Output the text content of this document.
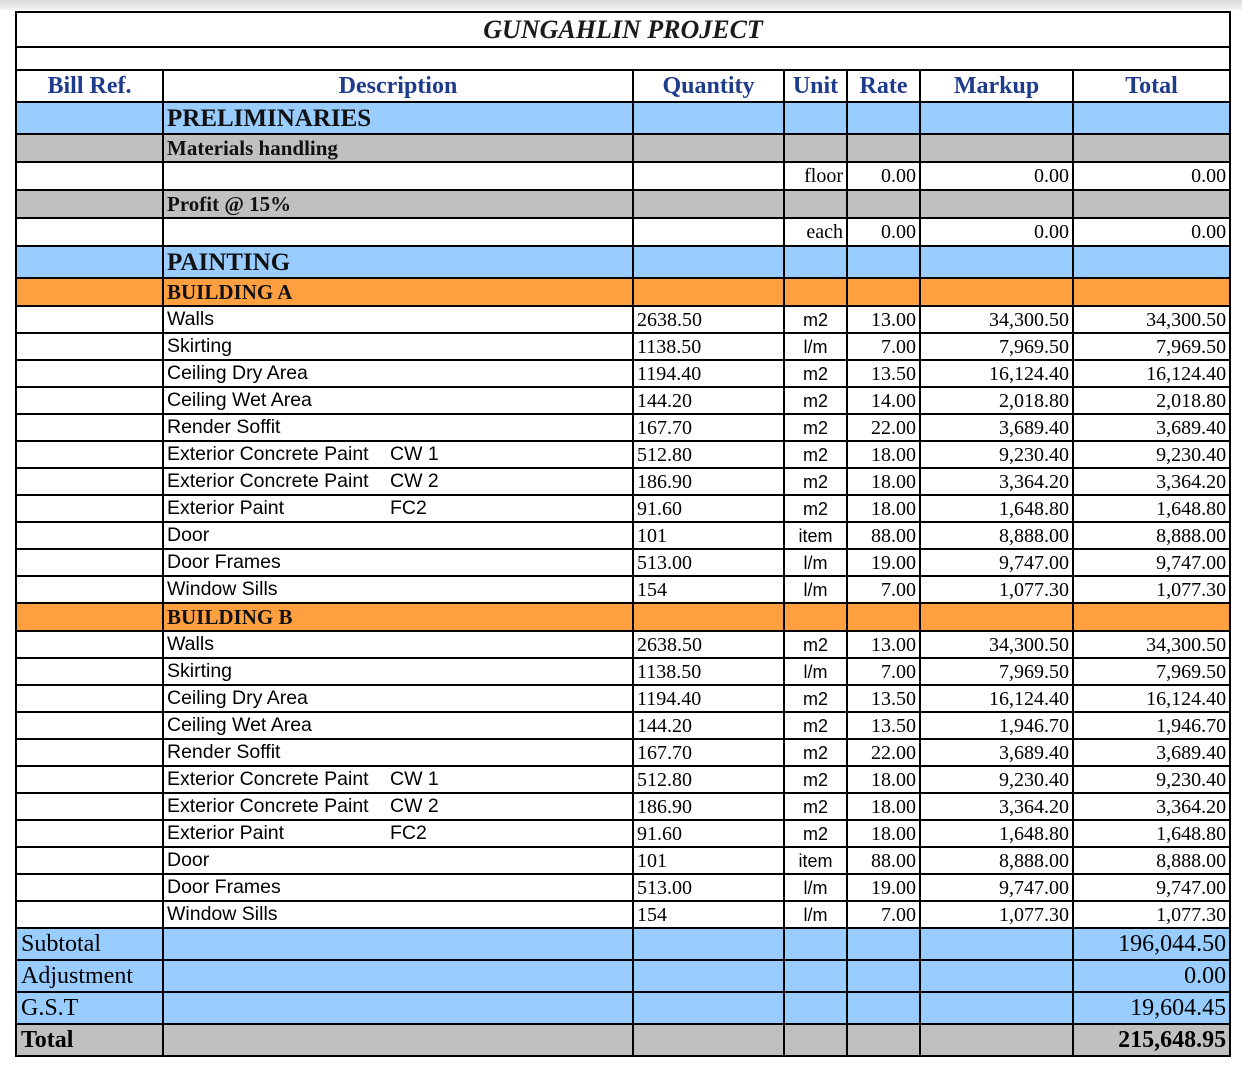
GUNGAHLIN PROJECT						

Bill Ref.	Description	Quantity	Unit	Rate	Markup	Total
	PRELIMINARIES					
	Materials handling					
			floor	0.00	0.00	0.00
	Profit @ 15%					
			each	0.00	0.00	0.00
	PAINTING					
	BUILDING A					

	Walls	2638.50	m2	13.00	34,300.50	34,300.50

	Skirting	1138.50	l/m	7.00	7,969.50	7,969.50

	Ceiling Dry Area	1194.40	m2	13.50	16,124.40	16,124.40

	Ceiling Wet Area	144.20	m2	14.00	2,018.80	2,018.80

	Render Soffit	167.70	m2	22.00	3,689.40	3,689.40

	Exterior Concrete Paint CW 1	512.80	m2	18.00	9,230.40	9,230.40

	Exterior Concrete Paint CW 2	186.90	m2	18.00	3,364.20	3,364.20

	Exterior Paint FC2	91.60	m2	18.00	1,648.80	1,648.80

	Door	101	item	88.00	8,888.00	8,888.00

	Door Frames	513.00	l/m	19.00	9,747.00	9,747.00

	Window Sills	154	l/m	7.00	1,077.30	1,077.30
	BUILDING B					

	Walls	2638.50	m2	13.00	34,300.50	34,300.50

	Skirting	1138.50	l/m	7.00	7,969.50	7,969.50

	Ceiling Dry Area	1194.40	m2	13.50	16,124.40	16,124.40

	Ceiling Wet Area	144.20	m2	13.50	1,946.70	1,946.70

	Render Soffit	167.70	m2	22.00	3,689.40	3,689.40

	Exterior Concrete Paint CW 1	512.80	m2	18.00	9,230.40	9,230.40

	Exterior Concrete Paint CW 2	186.90	m2	18.00	3,364.20	3,364.20

	Exterior Paint FC2	91.60	m2	18.00	1,648.80	1,648.80

	Door	101	item	88.00	8,888.00	8,888.00

	Door Frames	513.00	l/m	19.00	9,747.00	9,747.00

	Window Sills	154	l/m	7.00	1,077.30	1,077.30
Subtotal						196,044.50
Adjustment						0.00
G.S.T						19,604.45
Total						215,648.95
